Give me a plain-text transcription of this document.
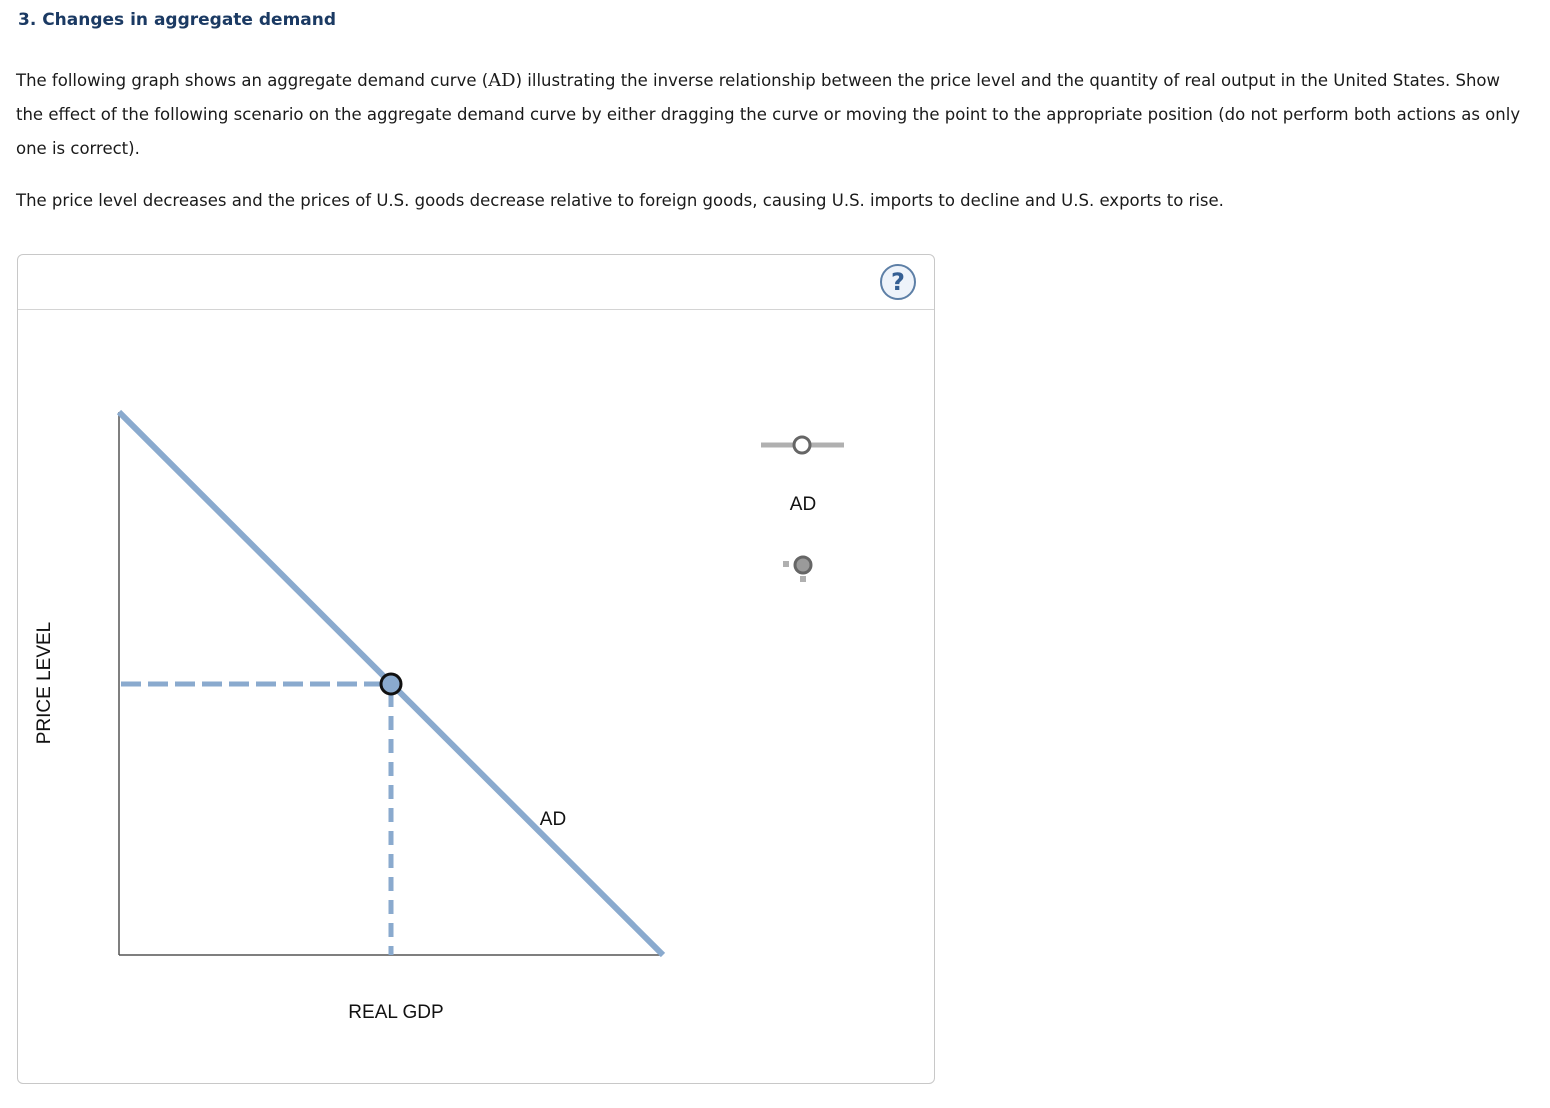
3. Changes in aggregate demand

The following graph shows an aggregate demand curve (AD) illustrating the inverse relationship between the price level and the quantity of real output in the United States. Show the effect of the following scenario on the aggregate demand curve by either dragging the curve or moving the point to the appropriate position (do not perform both actions as only one is correct).

The price level decreases and the prices of U.S. goods decrease relative to foreign goods, causing U.S. imports to decline and U.S. exports to rise.

?
PRICE LEVEL
REAL GDP
AD
AD
